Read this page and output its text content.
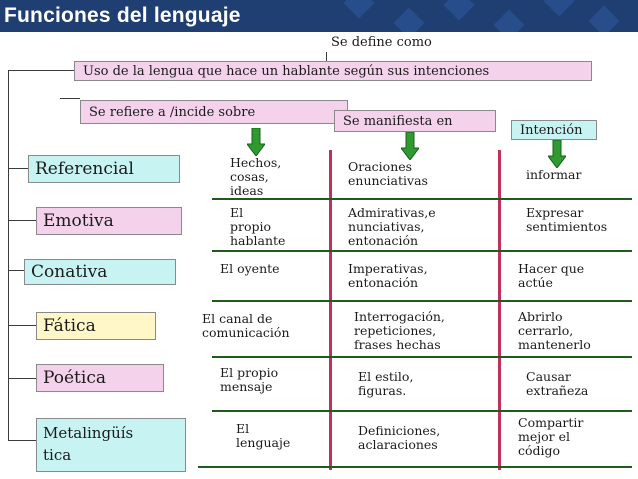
Funciones del lenguaje
Se define como
Uso de la lengua que hace un hablante según sus intenciones
Se refiere a /incide sobre
Se manifiesta en
Intención
Referencial
Emotiva
Conativa
Fática
Poética
Metalingüís
tica
Hechos,
cosas,
ideas
El
propio
hablante
El oyente
El canal de
comunicación
El propio
mensaje
El
lenguaje
Oraciones
enunciativas
Admirativas,e
nunciativas,
entonación
Imperativas,
entonación
Interrogación,
repeticiones,
frases hechas
El estilo,
figuras.
Definiciones,
aclaraciones
informar
Expresar
sentimientos
Hacer que
actúe
Abrirlo
cerrarlo,
mantenerlo
Causar
extrañeza
Compartir
mejor el
código
